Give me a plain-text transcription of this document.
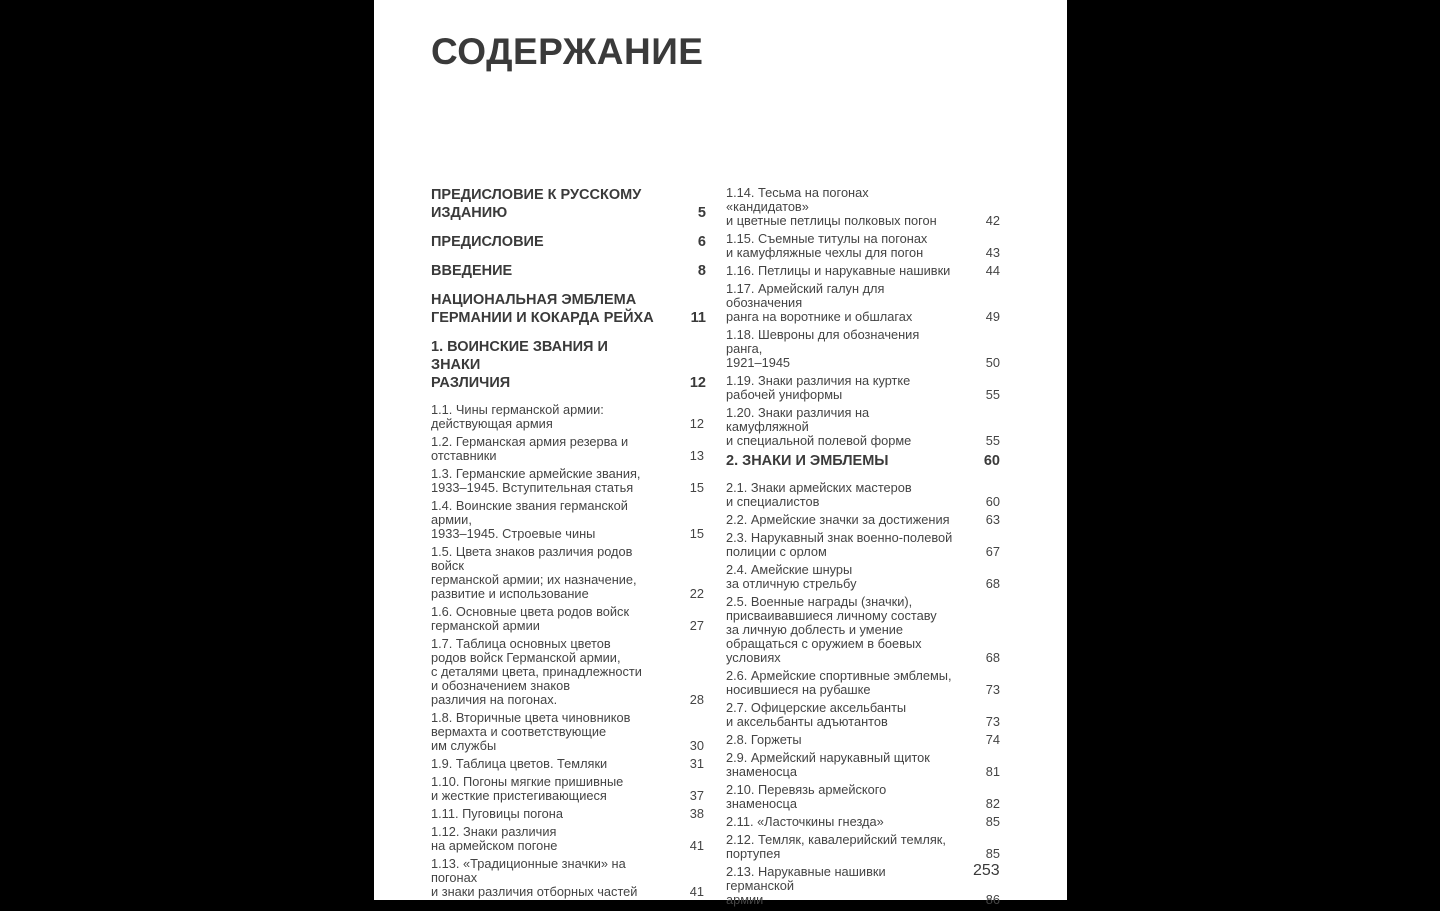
СОДЕРЖАНИЕ
ПРЕДИСЛОВИЕ К РУССКОМУ
ИЗДАНИЮ	5
ПРЕДИСЛОВИЕ	6
ВВЕДЕНИЕ	8
НАЦИОНАЛЬНАЯ ЭМБЛЕМА
ГЕРМАНИИ И КОКАРДА РЕЙХА	11
1. ВОИНСКИЕ ЗВАНИЯ И ЗНАКИ
РАЗЛИЧИЯ	12
1.1. Чины германской армии:
действующая армия	12
1.2. Германская армия резерва и
отставники	13
1.3. Германские армейские звания,
1933–1945. Вступительная статья	15
1.4. Воинские звания германской армии,
1933–1945. Строевые чины	15
1.5. Цвета знаков различия родов войск
германской армии; их назначение,
развитие и использование	22
1.6. Основные цвета родов войск
германской армии	27
1.7. Таблица основных цветов
родов войск Германской армии,
с деталями цвета, принадлежности
и обозначением знаков
различия на погонах.	28
1.8. Вторичные цвета чиновников
вермахта и соответствующие
им службы	30
1.9. Таблица цветов. Темляки	31
1.10. Погоны мягкие пришивные
и жесткие пристегивающиеся	37
1.11. Пуговицы погона	38
1.12. Знаки различия
на армейском погоне	41
1.13. «Традиционные значки» на погонах
и знаки различия отборных частей	41
1.14. Тесьма на погонах «кандидатов»
и цветные петлицы полковых погон	42
1.15. Съемные титулы на погонах
и камуфляжные чехлы для погон	43
1.16. Петлицы и нарукавные нашивки	44
1.17. Армейский галун для обозначения
ранга на воротнике и обшлагах	49
1.18. Шевроны для обозначения ранга,
1921–1945	50
1.19. Знаки различия на куртке
рабочей униформы	55
1.20. Знаки различия на камуфляжной
и специальной полевой форме	55
2. ЗНАКИ И ЭМБЛЕМЫ	60
2.1. Знаки армейских мастеров
и специалистов	60
2.2. Армейские значки за достижения	63
2.3. Нарукавный знак военно-полевой
полиции с орлом	67
2.4. Амейские шнуры
за отличную стрельбу	68
2.5. Военные награды (значки),
присваивавшиеся личному составу
за личную доблесть и умение
обращаться с оружием в боевых
условиях	68
2.6. Армейские спортивные эмблемы,
носившиеся на рубашке	73
2.7. Офицерские аксельбанты
и аксельбанты адъютантов	73
2.8. Горжеты	74
2.9. Армейский нарукавный щиток
знаменосца	81
2.10. Перевязь армейского
знаменосца	82
2.11. «Ласточкины гнезда»	85
2.12. Темляк, кавалерийский темляк,
портупея	85
2.13. Нарукавные нашивки германской
армии	86
253
